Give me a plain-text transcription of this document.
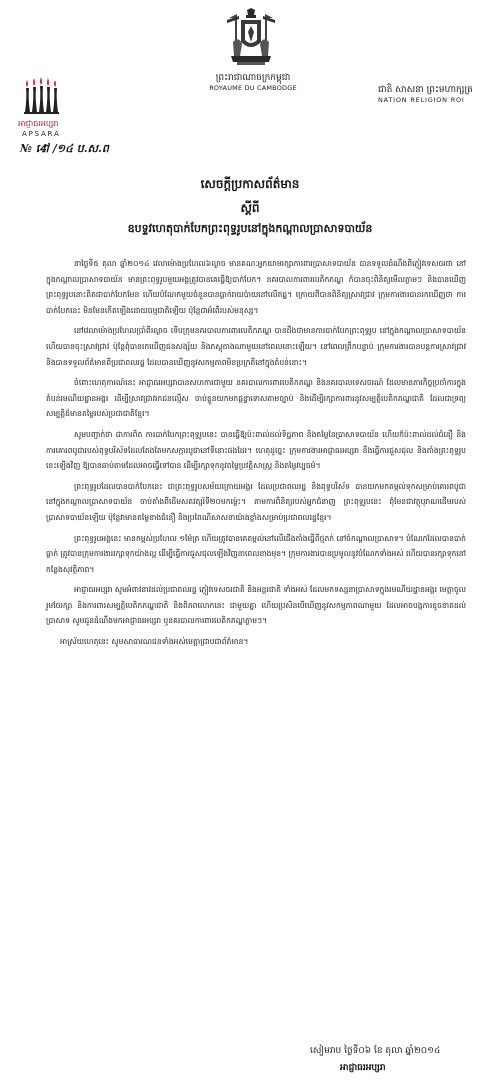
ព្រះរាជាណាចក្រកម្ពុជា
ROYAUME DU CAMBODGE	ជាតិ សាសនា ព្រះមហាក្សត្រ
NATION RELIGION ROI
អាជ្ញាធរអប្សរា
APSARA
№ 4ៅ /១៤ ប.ស.ព
សេចក្តីប្រកាសព័ត៌មាន
ស្តីពី
ឧបទ្ទវហេតុបាក់បែកព្រះពុទ្ធរូបនៅក្នុងកណ្តាលប្រាសាទបាយ័ន

នាថ្ងៃទី៥ តុលា ឆ្នាំ២០១៤ វេលាម៉ោងប្រហែល៦ល្ងាច មានគណៈអ្នកយាមរក្សាការពារប្រាសាទបាយ័ន បានទទួលដំណឹងពីភ្ញៀវទេសចរថា នៅក្នុងកណ្តាលប្រាសាទបាយ័ន មានព្រះពុទ្ធរូបមួយអង្គត្រូវបានគេធ្វើឱ្យបាក់បែក។ នគរបាលការពារបេតិកភណ្ឌ ក៏បានចុះពិនិត្យមើលភ្លាមៗ និងបានឃើញព្រះពុទ្ធរូបនោះពិតជាបាក់បែកមែន ហើយបំណែកមួយចំនួនបានធ្លាក់រាយប៉ាយនៅលើឥដ្ឋ។ ក្រោយពីបានពិនិត្យស្រាវជ្រាវ ក្រុមការងារបានរកឃើញថា ការបាក់បែកនេះ មិនមែនកើតឡើងដោយធម្មជាតិឡើយ ប៉ុន្តែជាអំពើរបស់មនុស្ស។

នៅវេលាម៉ោងប្រហែលប្រាំពីរល្ងាច ទើបក្រុមនគរបាលការពារបេតិកភណ្ឌ បានដឹងថាមានការបាក់បែកព្រះពុទ្ធរូប នៅក្នុងកណ្តាលប្រាសាទបាយ័ន ហើយបានចុះស្រាវជ្រាវ ប៉ុន្តែពុំបានរកឃើញជនសង្ស័យ និងភស្តុតាងណាមួយនៅពេលនោះឡើយ។ នៅពេលព្រឹកបន្ទាប់ ក្រុមការងារបានបន្តការស្រាវជ្រាវ និងបានទទួលព័ត៌មានពីប្រជាពលរដ្ឋ ដែលបានឃើញនូវសកម្មភាពមិនប្រក្រតីនៅក្នុងតំបន់នោះ។

ចំពោះហេតុការណ៍នេះ អាជ្ញាធរអប្សរាបានសហការជាមួយ នគរបាលការពារបេតិកភណ្ឌ និងនគរបាលទេសចរណ៍ ដែលមានភារកិច្ចប្រចាំការក្នុងតំបន់រមណីយដ្ឋានអង្គរ ដើម្បីស្រាវជ្រាវរកជនល្មើស ចាប់ខ្លួនយកមកផ្តន្ទាទោសតាមច្បាប់ និងដើម្បីរក្សាការពារនូវសម្បត្តិបេតិកភណ្ឌជាតិ ដែលជាទ្រព្យសម្បត្តិដ៏មានតម្លៃរបស់ប្រជាជាតិខ្មែរ។

សូមបញ្ជាក់ថា ជាការពិត ការបាក់បែកព្រះពុទ្ធរូបនេះ បានធ្វើឱ្យប៉ះពាល់ដល់ទិដ្ឋភាព និងតម្លៃនៃប្រាសាទបាយ័ន ហើយក៏ប៉ះពាល់ដល់ជំនឿ និងការគោរពបូជារបស់ពុទ្ធបរិស័ទដែលតែងតែមកសក្ការបូជានៅទីនោះផងដែរ។ ហេតុដូច្នេះ ក្រុមការងារអាជ្ញាធរអប្សរា នឹងធ្វើការជួសជុល និងតាំងព្រះពុទ្ធរូបនេះឡើងវិញ ឱ្យបានឆាប់តាមដែលអាចធ្វើទៅបាន ដើម្បីរក្សាទុកនូវតម្លៃប្រវត្តិសាស្ត្រ និងតម្លៃវប្បធម៌។

ព្រះពុទ្ធរូបដែលបានបាក់បែកនេះ ជាព្រះពុទ្ធរូបសម័យក្រោយអង្គរ ដែលប្រជាពលរដ្ឋ និងពុទ្ធបរិស័ទ បានយកមកតម្កល់ទុកសម្រាប់គោរពបូជា នៅក្នុងកណ្តាលប្រាសាទបាយ័ន ចាប់តាំងពីដើមសតវត្សរ៍ទី២០មកម្ល៉េះ។ តាមការពិនិត្យរបស់អ្នកជំនាញ ព្រះពុទ្ធរូបនេះ ពុំមែនជាវត្ថុបុរាណដើមរបស់ប្រាសាទបាយ័នឡើយ ប៉ុន្តែវាមានតម្លៃខាងជំនឿ និងប្រពៃណីសាសនាយ៉ាងខ្លាំងសម្រាប់ប្រជាពលរដ្ឋខ្មែរ។

ព្រះពុទ្ធរូបអង្គនេះ មានកម្ពស់ប្រហែល ១ម៉ែត្រ ហើយត្រូវបានគេតម្កល់នៅលើជើងតាំងធ្វើពីថ្មភក់ នៅចំកណ្តាលប្រាសាទ។ បំណែកដែលបានបាក់ធ្លាក់ ត្រូវបានក្រុមការងាររក្សាទុកយ៉ាងល្អ ដើម្បីធ្វើការជួសជុលឡើងវិញនាពេលខាងមុខ។ ក្រុមការងារបានប្រមូលនូវបំណែកទាំងអស់ ហើយបានរក្សាទុកនៅកន្លែងសុវត្ថិភាព។

អាជ្ញាធរអប្សរា សូមអំពាវនាវដល់ប្រជាពលរដ្ឋ ភ្ញៀវទេសចរជាតិ និងអន្តរជាតិ ទាំងអស់ ដែលមកទស្សនាប្រាសាទក្នុងរមណីយដ្ឋានអង្គរ មេត្តាចូលរួមថែរក្សា និងការពារសម្បត្តិបេតិកភណ្ឌជាតិ និងពិភពលោកនេះ ជាមួយគ្នា ហើយប្រសិនបើឃើញនូវសកម្មភាពណាមួយ ដែលអាចបង្កការខូចខាតដល់ប្រាសាទ សូមជូនដំណឹងមកអាជ្ញាធរអប្សរា ឬនគរបាលការពារបេតិកភណ្ឌភ្លាមៗ។

អាស្រ័យហេតុនេះ សូមសាធារណជនទាំងអស់មេត្តាជ្រាបជាព័ត៌មាន។

សៀមរាប ថ្ងៃទី០៦ ខែ តុលា ឆ្នាំ២០១៤
អាជ្ញាធរអប្សរា
